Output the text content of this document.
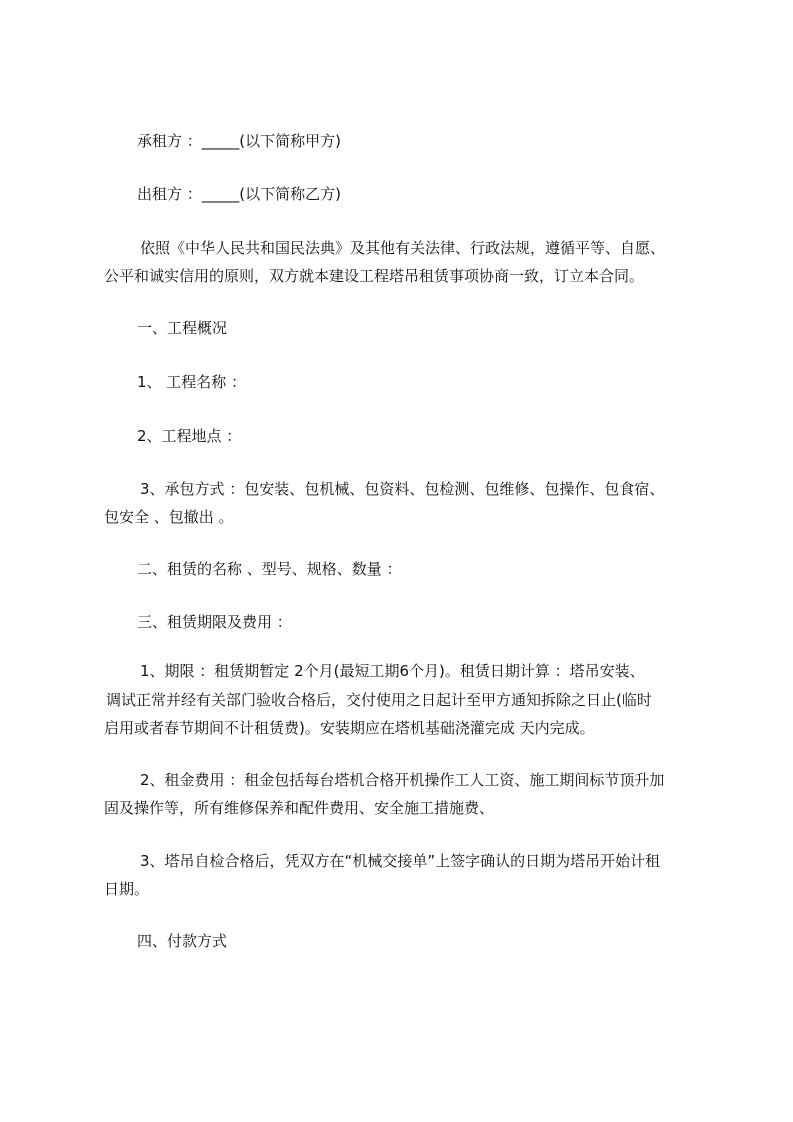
承租方 ：_____(以下简称甲方)
出租方 ：_____(以下简称乙方)
依照《中华人民共和国民法典》及其他有关法律、行政法规，遵循平等、自愿、
公平和诚实信用的原则，双方就本建设工程塔吊租赁事项协商一致，订立本合同。
一、工程概况
1、 工程名称 ：
2、工程地点 ：
3、承包方式 ：包安装、包机械、包资料、包检测、包维修、包操作、包食宿、
包安全 、包撤出 。
二、租赁的名称 、型号、规格、数量 ：
三、租赁期限及费用 ：
1、期限 ：租赁期暂定 2个月(最短工期6个月)。租赁日期计算 ：塔吊安装、
调试正常并经有关部门验收合格后，交付使用之日起计至甲方通知拆除之日止(临时
启用或者春节期间不计租赁费)。安装期应在塔机基础浇灌完成 天内完成。
2、租金费用 ：租金包括每台塔机合格开机操作工人工资、施工期间标节顶升加
固及操作等，所有维修保养和配件费用、安全施工措施费、
3、塔吊自检合格后，凭双方在“机械交接单”上签字确认的日期为塔吊开始计租
日期。
四、付款方式
